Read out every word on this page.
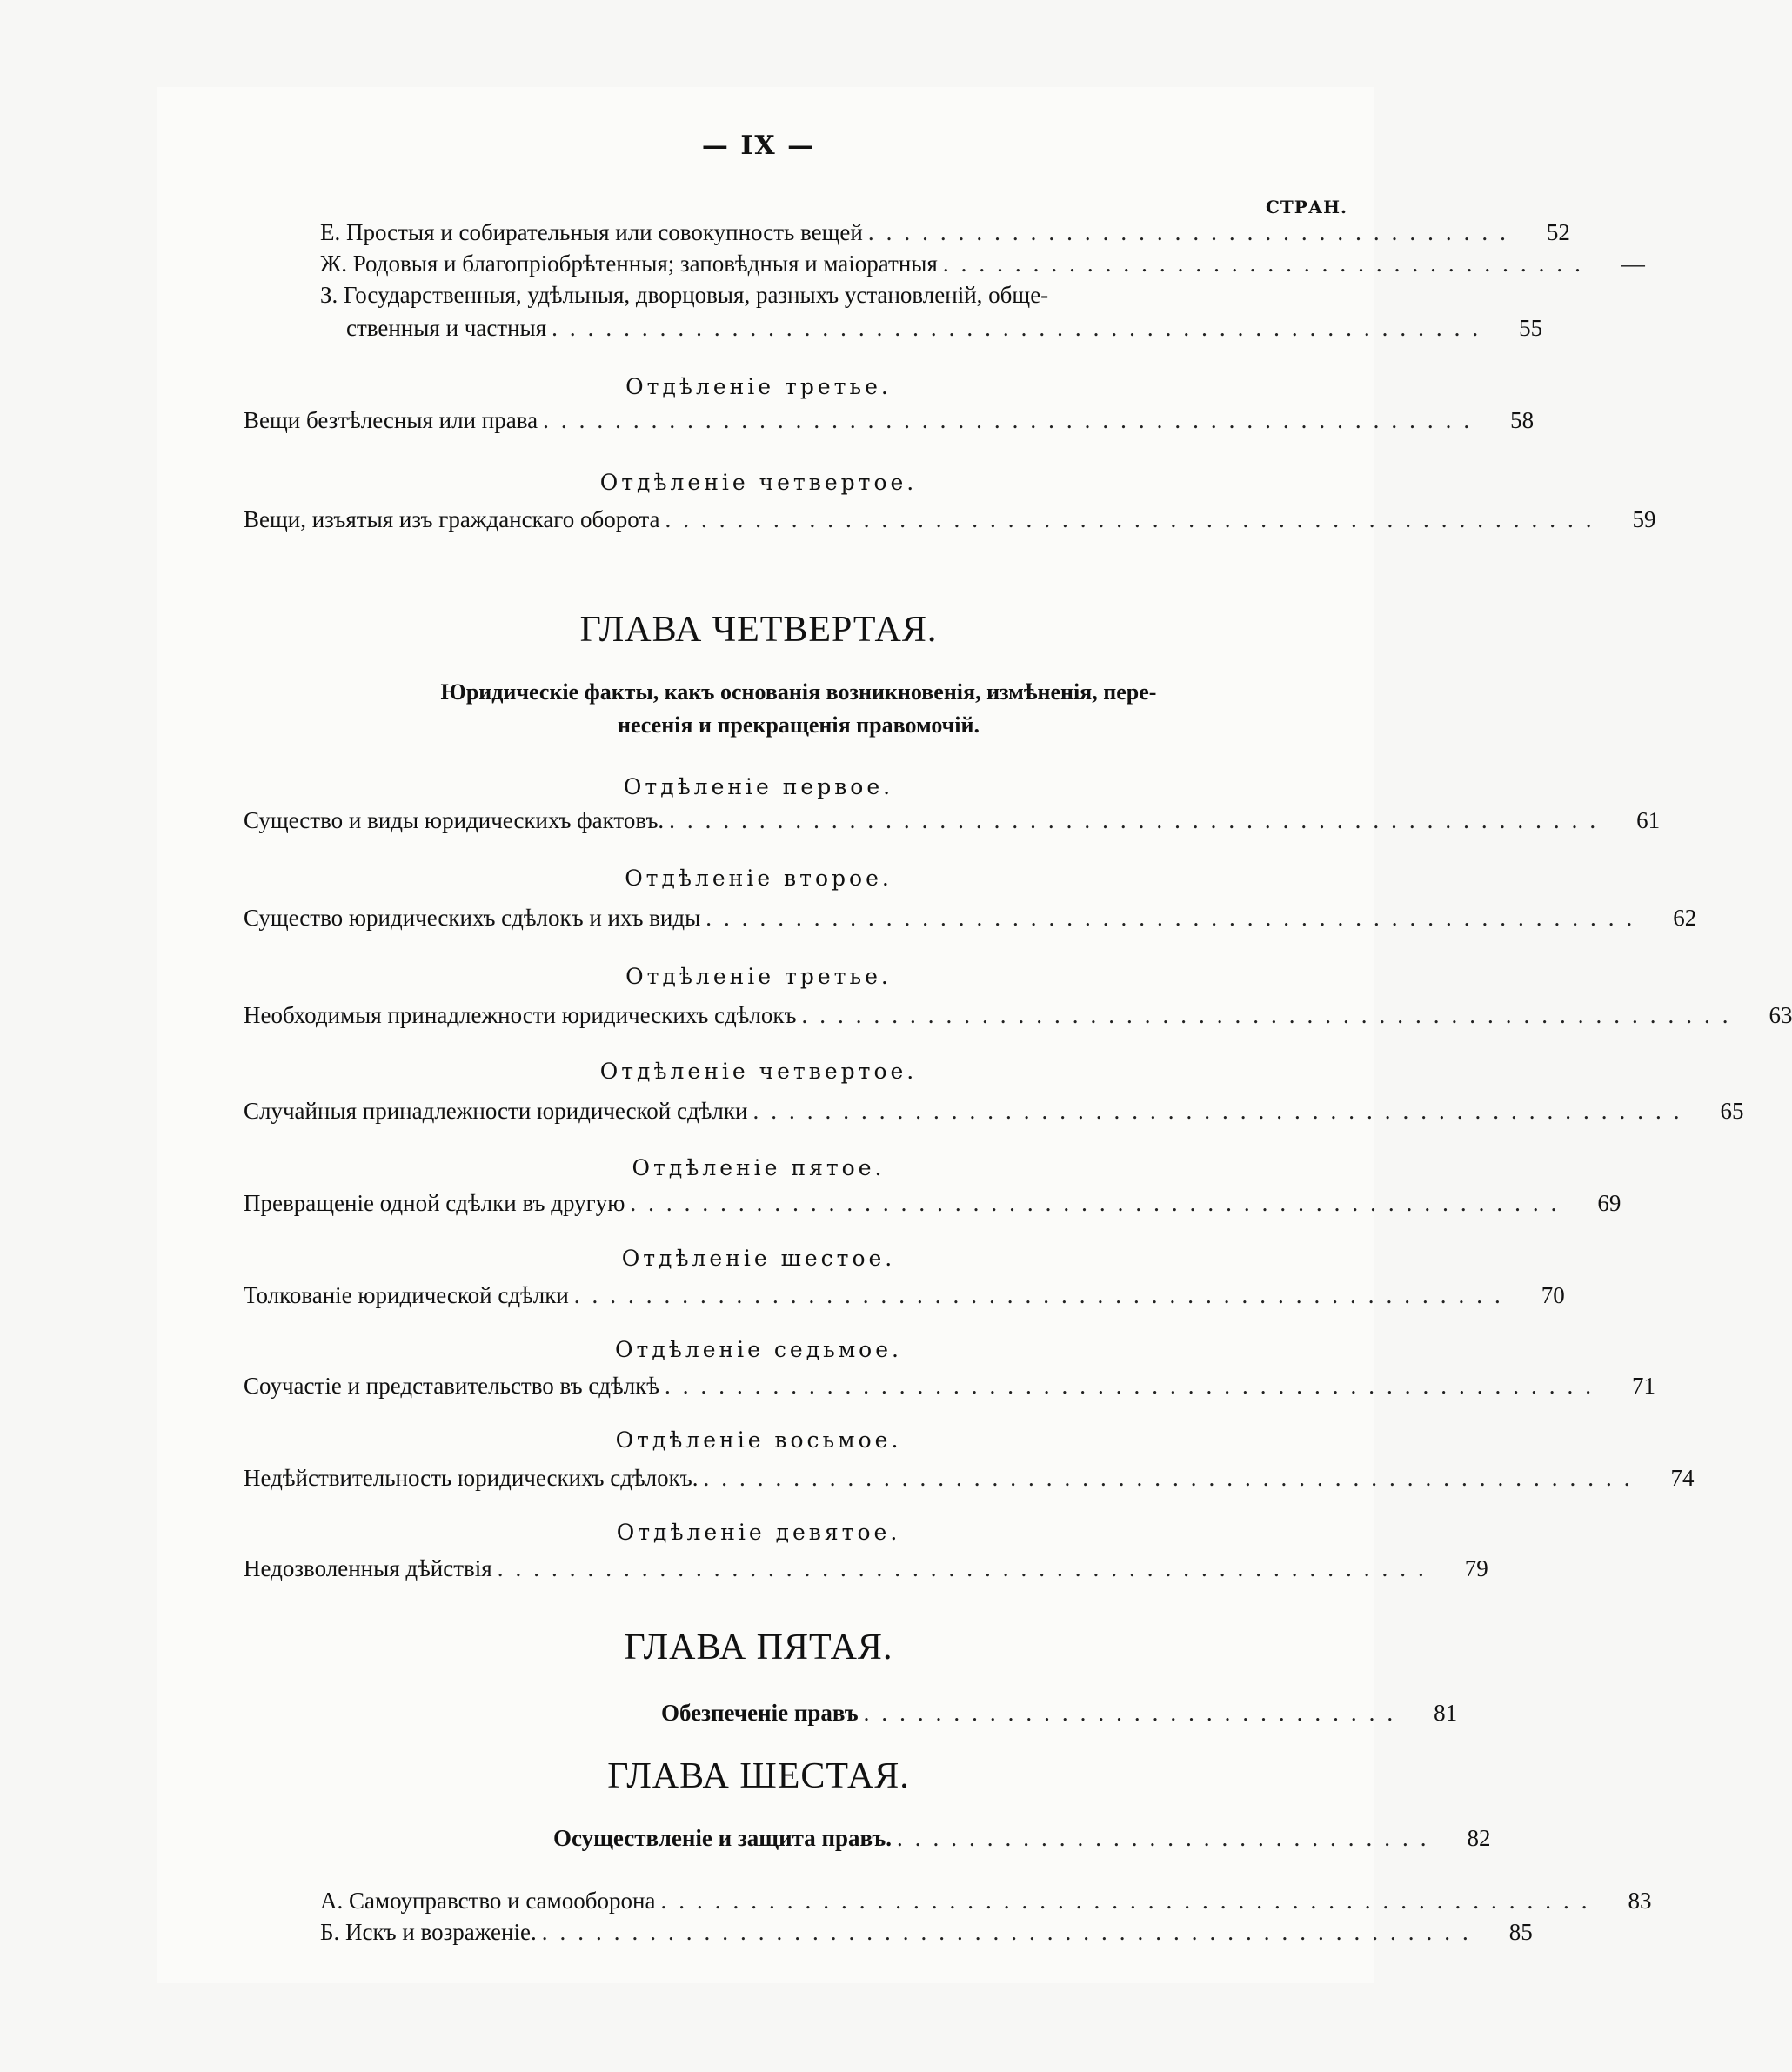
— IX —
СТРАН.
Е. Простыя и собирательныя или совокупность вещей ....................................	52
Ж. Родовыя и благопріобрѣтенныя; заповѣдныя и маіоратныя ....................................	—
З. Государственныя, удѣльныя, дворцовыя, разныхъ установленій, обще-
ственныя и частныя ....................................................	55
Отдѣленіе третье.
Вещи безтѣлесныя или права ....................................................	58
Отдѣленіе четвертое.
Вещи, изъятыя изъ гражданскаго оборота ....................................................	59
ГЛАВА ЧЕТВЕРТАЯ.
Юридическіе факты, какъ основанія возникновенія, измѣненія, пере-
несенія и прекращенія правомочій.
Отдѣленіе первое.
Существо и виды юридическихъ фактовъ. ....................................................	61
Отдѣленіе второе.
Существо юридическихъ сдѣлокъ и ихъ виды ....................................................	62
Отдѣленіе третье.
Необходимыя принадлежности юридическихъ сдѣлокъ ....................................................	63
Отдѣленіе четвертое.
Случайныя принадлежности юридической сдѣлки ....................................................	65
Отдѣленіе пятое.
Превращеніе одной сдѣлки въ другую ....................................................	69
Отдѣленіе шестое.
Толкованіе юридической сдѣлки ....................................................	70
Отдѣленіе седьмое.
Соучастіе и представительство въ сдѣлкѣ ....................................................	71
Отдѣленіе восьмое.
Недѣйствительность юридическихъ сдѣлокъ. ....................................................	74
Отдѣленіе девятое.
Недозволенныя дѣйствія ....................................................	79
ГЛАВА ПЯТАЯ.
Обезпеченіе правъ ..............................	81
ГЛАВА ШЕСТАЯ.
Осуществленіе и защита правъ. ..............................	82
А. Самоуправство и самооборона ....................................................	83
Б. Искъ и возраженіе. ....................................................	85
